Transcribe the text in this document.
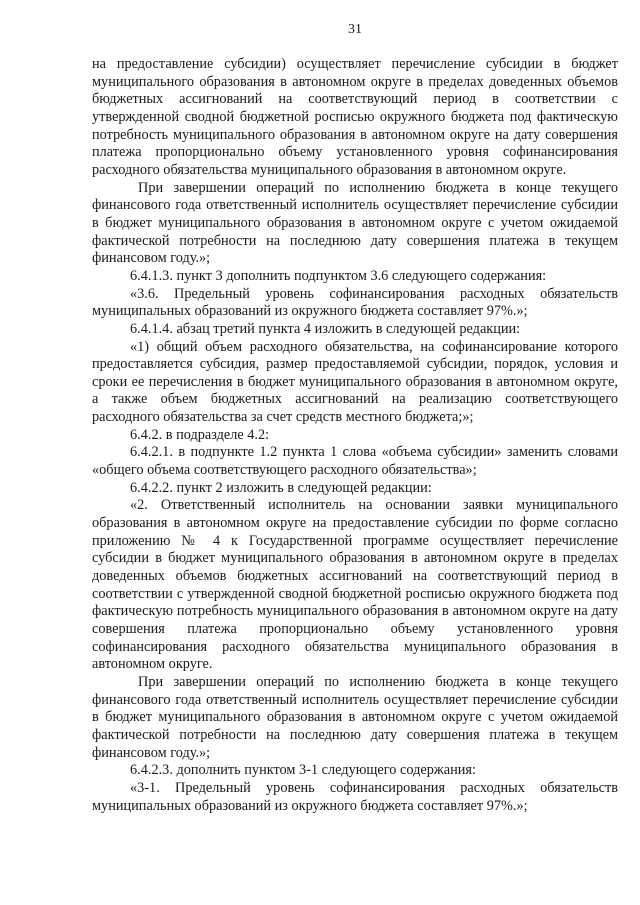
31

на предоставление субсидии) осуществляет перечисление субсидии в бюджет муниципального образования в автономном округе в пределах доведенных объемов бюджетных ассигнований на соответствующий период в соответствии с утвержденной сводной бюджетной росписью окружного бюджета под фактическую потребность муниципального образования в автономном округе на дату совершения платежа пропорционально объему установленного уровня софинансирования расходного обязательства муниципального образования в автономном округе.

При завершении операций по исполнению бюджета в конце текущего финансового года ответственный исполнитель осуществляет перечисление субсидии в бюджет муниципального образования в автономном округе с учетом ожидаемой фактической потребности на последнюю дату совершения платежа в текущем финансовом году.»;

6.4.1.3. пункт 3 дополнить подпунктом 3.6 следующего содержания:

«3.6. Предельный уровень софинансирования расходных обязательств муниципальных образований из окружного бюджета составляет 97%.»;

6.4.1.4. абзац третий пункта 4 изложить в следующей редакции:

«1) общий объем расходного обязательства, на софинансирование которого предоставляется субсидия, размер предоставляемой субсидии, порядок, условия и сроки ее перечисления в бюджет муниципального образования в автономном округе, а также объем бюджетных ассигнований на реализацию соответствующего расходного обязательства за счет средств местного бюджета;»;

6.4.2. в подразделе 4.2:

6.4.2.1. в подпункте 1.2 пункта 1 слова «объема субсидии» заменить словами «общего объема соответствующего расходного обязательства»;

6.4.2.2. пункт 2 изложить в следующей редакции:

«2. Ответственный исполнитель на основании заявки муниципального образования в автономном округе на предоставление субсидии по форме согласно приложению № 4 к Государственной программе осуществляет перечисление субсидии в бюджет муниципального образования в автономном округе в пределах доведенных объемов бюджетных ассигнований на соответствующий период в соответствии с утвержденной сводной бюджетной росписью окружного бюджета под фактическую потребность муниципального образования в автономном округе на дату совершения платежа пропорционально объему установленного уровня софинансирования расходного обязательства муниципального образования в автономном округе.

При завершении операций по исполнению бюджета в конце текущего финансового года ответственный исполнитель осуществляет перечисление субсидии в бюджет муниципального образования в автономном округе с учетом ожидаемой фактической потребности на последнюю дату совершения платежа в текущем финансовом году.»;

6.4.2.3. дополнить пунктом 3-1 следующего содержания:

«3-1. Предельный уровень софинансирования расходных обязательств муниципальных образований из окружного бюджета составляет 97%.»;
